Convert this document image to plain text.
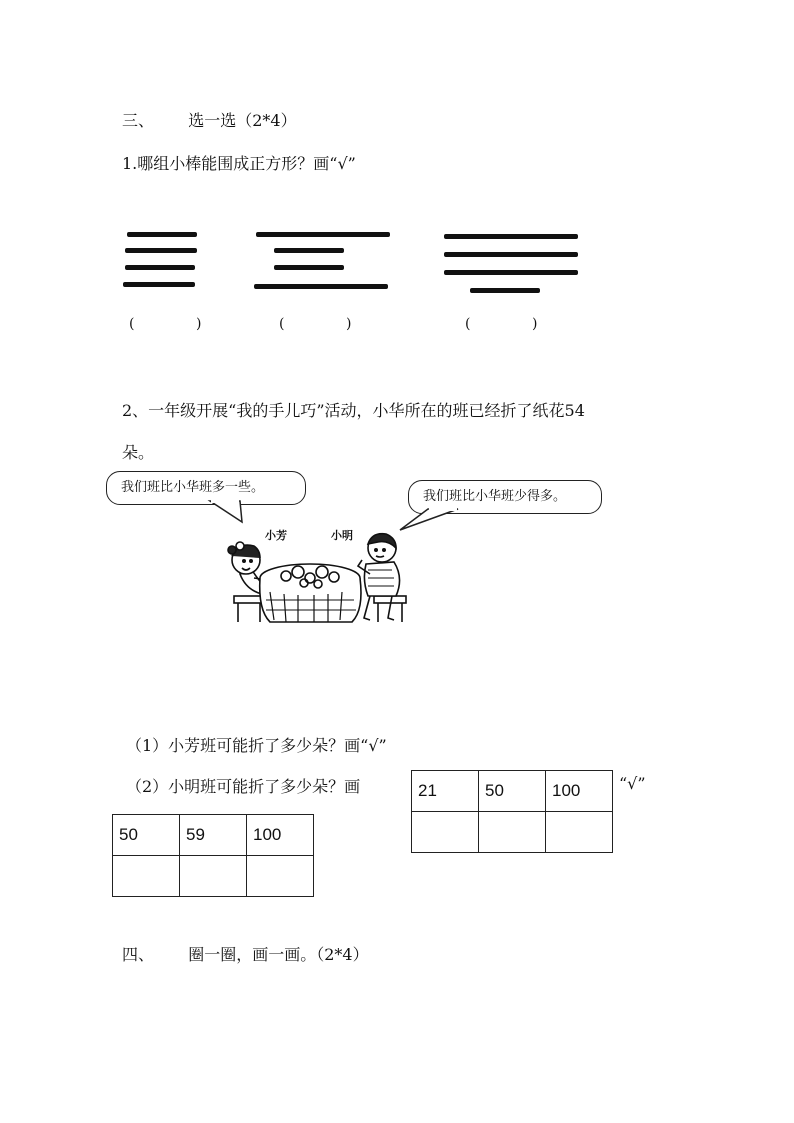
三、 选一选（2*4）
1.哪组小棒能围成正方形？画“√”
(	)	(	)	(	)
2、一年级开展“我的手儿巧”活动，小华所在的班已经折了纸花54
朵。
我们班比小华班多一些。
我们班比小华班少得多。
小芳	小明
（1）小芳班可能折了多少朵？画“√”
（2）小明班可能折了多少朵？画	“√”
21	50	100

50	59	100

四、 圈一圈，画一画。（2*4）
